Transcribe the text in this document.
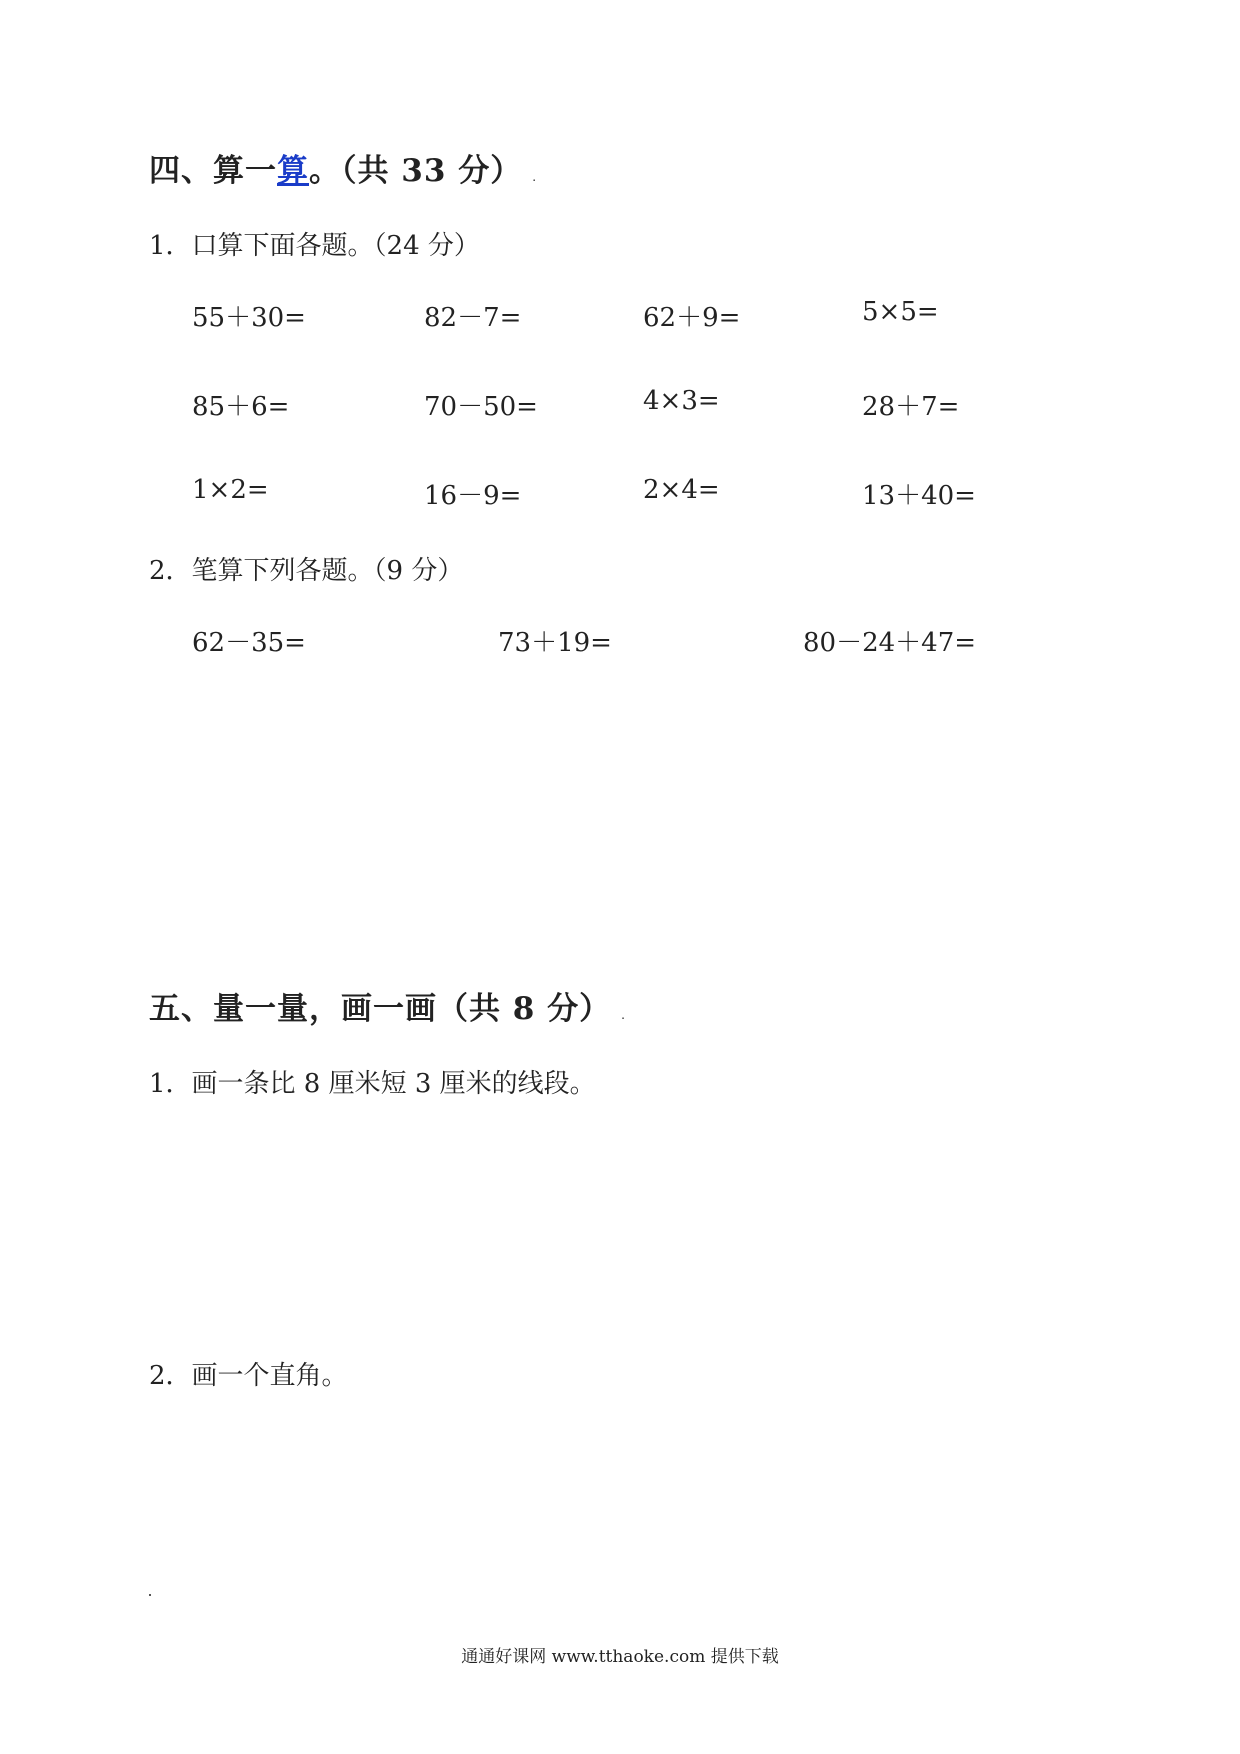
四、算一算。（共 33 分） .
1．口算下面各题。（24 分）
55＋30=	82－7=	62＋9=	5×5=
85＋6=	70－50=	4×3=	28＋7=
1×2=	16－9=	2×4=	13＋40=
2．笔算下列各题。（9 分）
62－35=	73＋19=	80－24＋47=
五、量一量，画一画（共 8 分） .
1．画一条比 8 厘米短 3 厘米的线段。
2．画一个直角。
通通好课网 www.tthaoke.com 提供下载
